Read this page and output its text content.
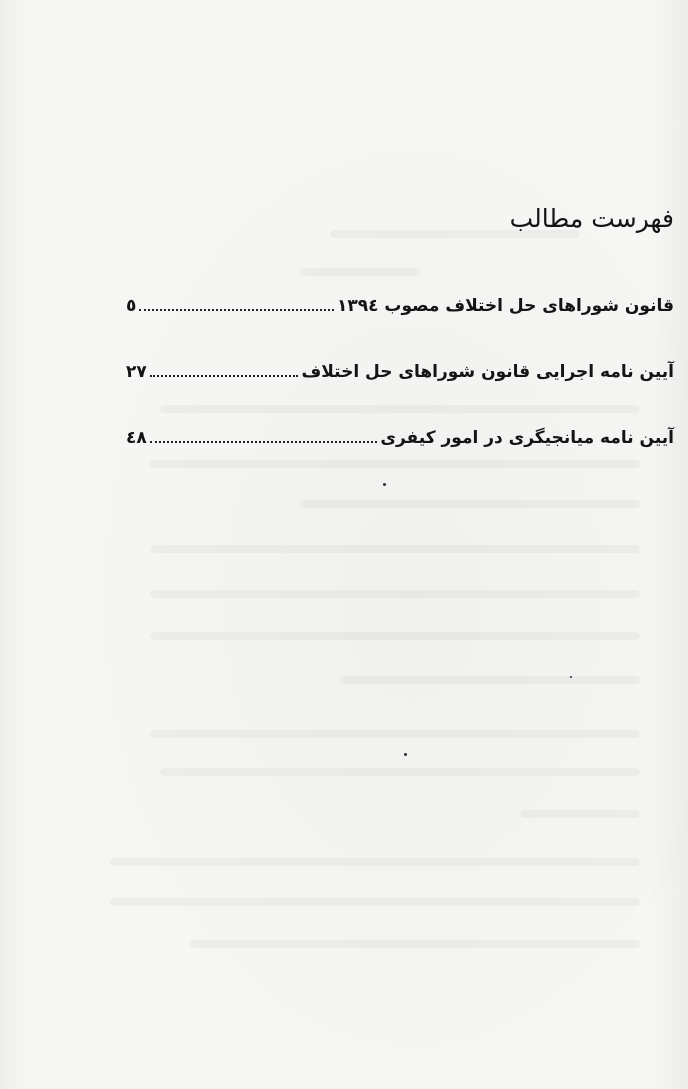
فهرست مطالب
قانون شوراهای حل اختلاف مصوب ۱۳۹٤
٥
آیین نامه اجرایی قانون شوراهای حل اختلاف
۲۷
آیین نامه میانجیگری در امور کیفری
٤٨
